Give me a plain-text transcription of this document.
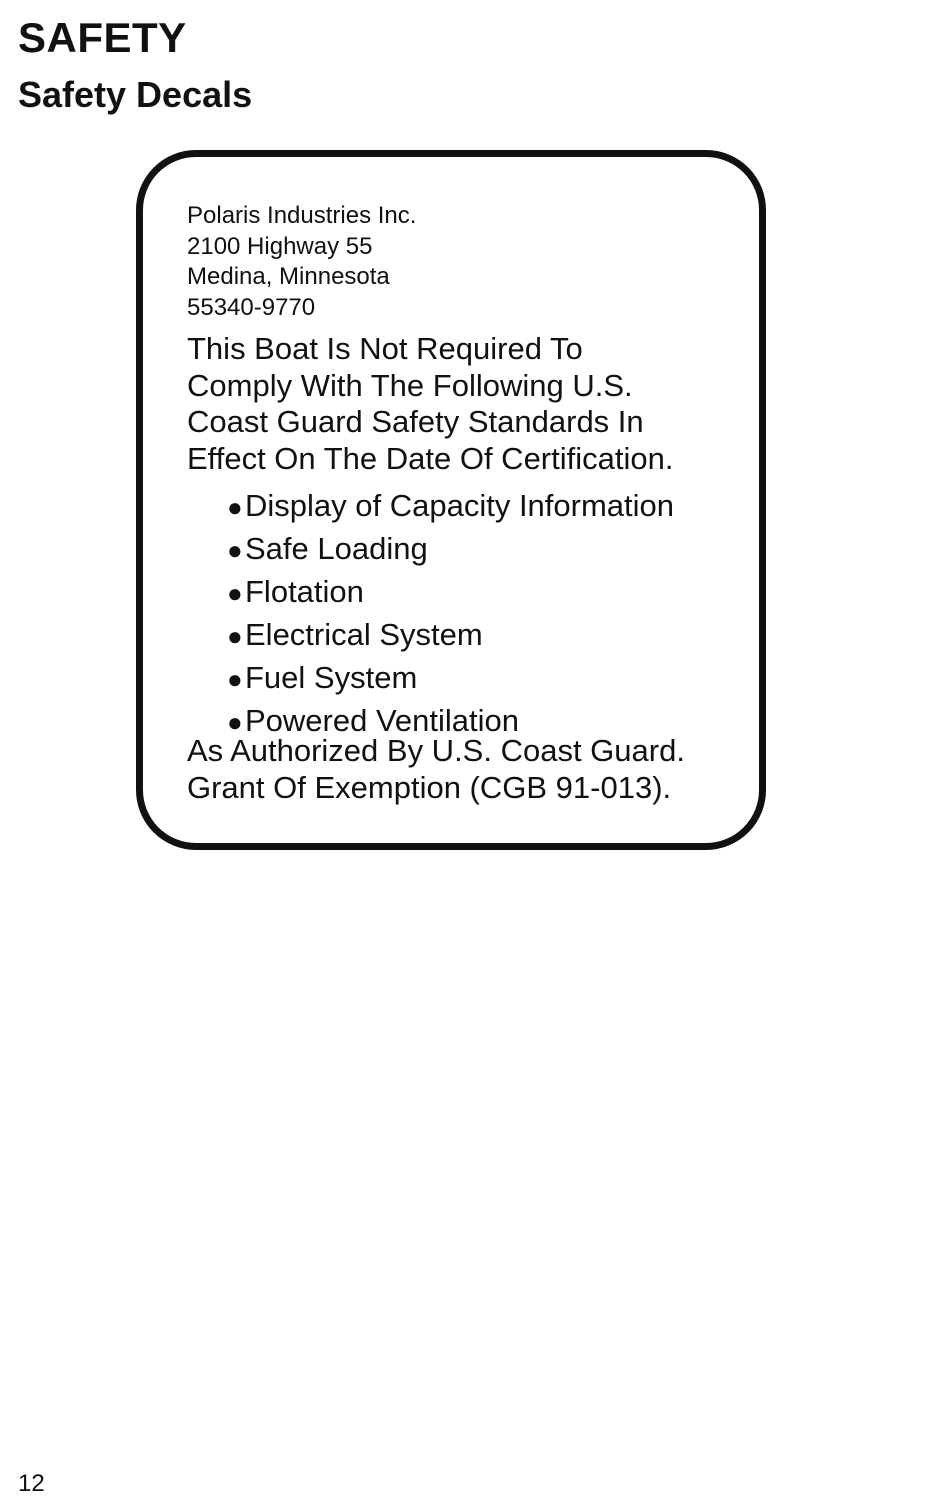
SAFETY
Safety Decals
Polaris Industries Inc.
2100 Highway 55
Medina, Minnesota
55340-9770
This Boat Is Not Required To
Comply With The Following U.S.
Coast Guard Safety Standards In
Effect On The Date Of Certification.
●Display of Capacity Information
●Safe Loading
●Flotation
●Electrical System
●Fuel System
●Powered Ventilation
As Authorized By U.S. Coast Guard.
Grant Of Exemption (CGB 91-013).
12
